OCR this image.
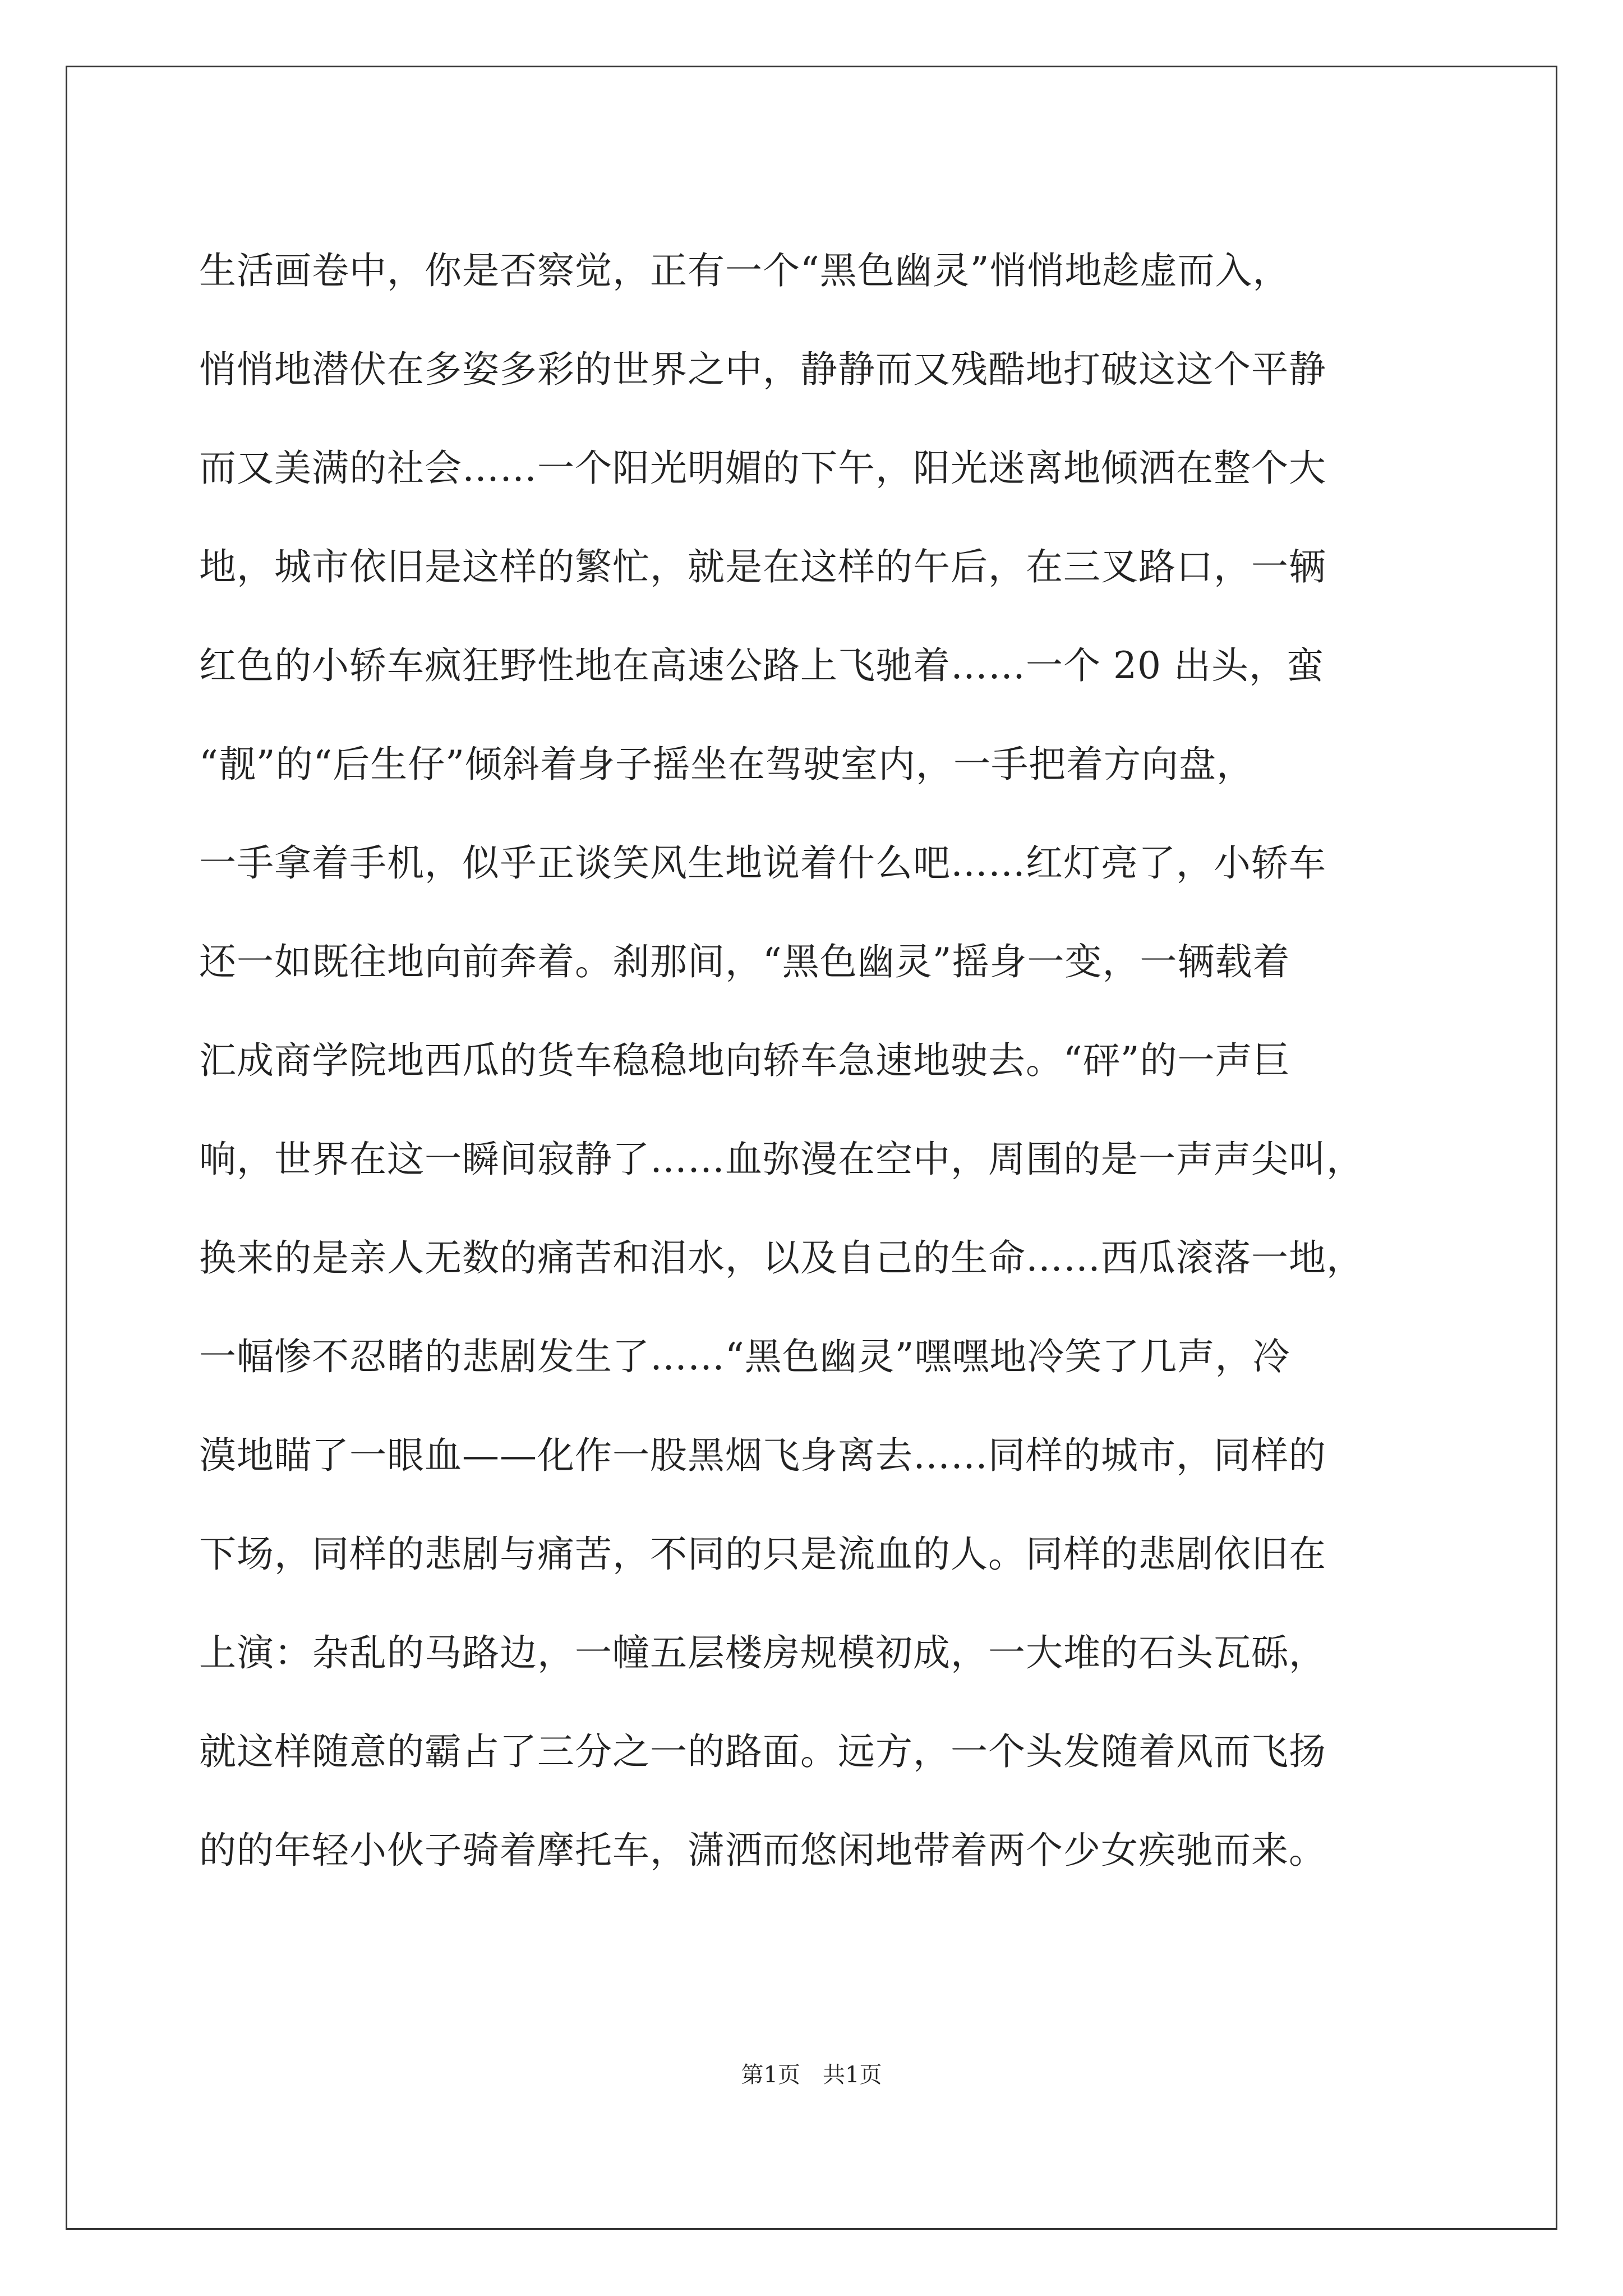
生活画卷中，你是否察觉，正有一个“黑色幽灵”悄悄地趁虚而入，
悄悄地潜伏在多姿多彩的世界之中，静静而又残酷地打破这这个平静
而又美满的社会……一个阳光明媚的下午，阳光迷离地倾洒在整个大
地，城市依旧是这样的繁忙，就是在这样的午后，在三叉路口，一辆
红色的小轿车疯狂野性地在高速公路上飞驰着……一个 20 出头，蛮
“靓”的“后生仔”倾斜着身子摇坐在驾驶室内，一手把着方向盘，
一手拿着手机，似乎正谈笑风生地说着什么吧……红灯亮了，小轿车
还一如既往地向前奔着。刹那间，“黑色幽灵”摇身一变，一辆载着
汇成商学院地西瓜的货车稳稳地向轿车急速地驶去。“砰”的一声巨
响，世界在这一瞬间寂静了……血弥漫在空中，周围的是一声声尖叫，
换来的是亲人无数的痛苦和泪水，以及自己的生命……西瓜滚落一地，
一幅惨不忍睹的悲剧发生了……“黑色幽灵”嘿嘿地冷笑了几声，冷
漠地瞄了一眼血——化作一股黑烟飞身离去……同样的城市，同样的
下场，同样的悲剧与痛苦，不同的只是流血的人。同样的悲剧依旧在
上演：杂乱的马路边，一幢五层楼房规模初成，一大堆的石头瓦砾，
就这样随意的霸占了三分之一的路面。远方，一个头发随着风而飞扬
的的年轻小伙子骑着摩托车，潇洒而悠闲地带着两个少女疾驰而来。
第1页　共1页
